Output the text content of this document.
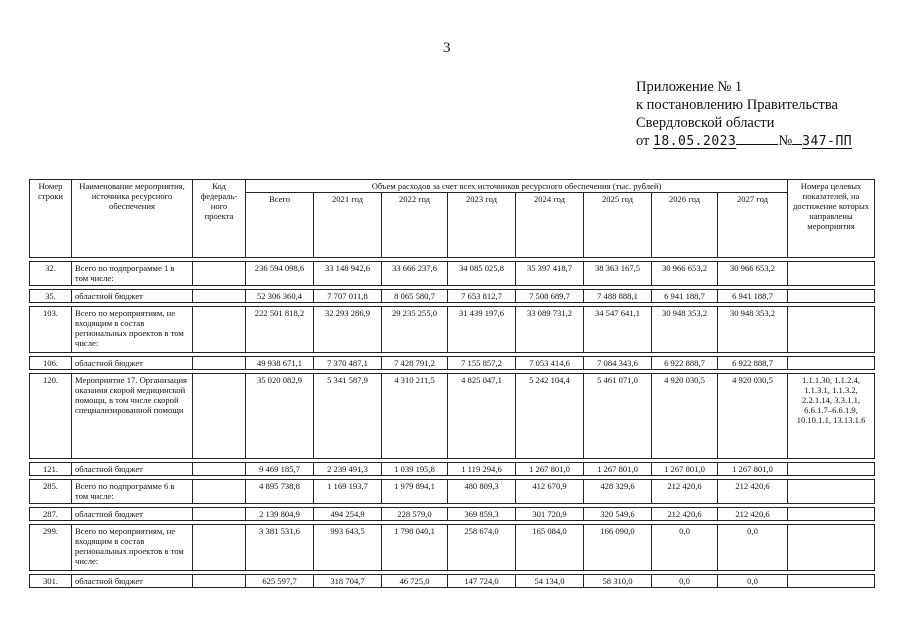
3
Приложение № 1
к постановлению Правительства
Свердловской области
от 18.05.2023	№ 347-ПП
Номер строки	Наименование мероприятия, источника ресурсного обеспечения	Код федераль-ного проекта	Объем расходов за счет всех источников ресурсного обеспечения (тыс. рублей)								Номера целевых показателей, на достижение которых направлены мероприятия
			Всего	2021 год	2022 год	2023 год	2024 год	2025 год	2026 год	2027 год	

32.	Всего по подпрограмме 1 в том числе:		236 594 098,6	33 148 942,6	33 666 237,6	34 085 025,8	35 397 418,7	38 363 167,5	30 966 653,2	30 966 653,2	

35.	областной бюджет		52 306 360,4	7 707 011,8	8 065 580,7	7 653 812,7	7 508 689,7	7 488 888,1	6 941 188,7	6 941 188,7	

103.	Всего по мероприятиям, не входящим в состав региональных проектов в том числе:		222 501 818,2	32 293 286,9	29 235 255,0	31 439 197,6	33 089 731,2	34 547 641,1	30 948 353,2	30 948 353,2	

106.	областной бюджет		49 938 671,1	7 370 487,1	7 428 791,2	7 155 857,2	7 053 414,6	7 084 343,6	6 922 888,7	6 922 888,7	

120.	Мероприятие 17. Организация оказания скорой медицинской помощи, в том числе скорой специализированной помощи		35 020 082,9	5 341 587,9	4 310 211,5	4 825 047,1	5 242 104,4	5 461 071,0	4 920 030,5	4 920 030,5	1.1.1.30, 1.1.2.4, 1.1.3.1, 1.1.3.2, 2.2.1.14, 3.3.1.1, 6.6.1.7–6.6.1.9, 10.10.1.1, 13.13.1.6

121.	областной бюджет		9 469 185,7	2 239 491,3	1 039 195,8	1 119 294,6	1 267 801,0	1 267 801,0	1 267 801,0	1 267 801,0	

285.	Всего по подпрограмме 6 в том числе:		4 895 738,8	1 169 193,7	1 979 894,1	480 809,3	412 670,9	428 329,6	212 420,6	212 420,6	

287.	областной бюджет		2 139 804,9	494 254,9	228 579,0	369 859,3	301 720,9	320 549,6	212 420,6	212 420,6	

299.	Всего по мероприятиям, не входящим в состав региональных проектов в том числе:		3 381 531,6	993 643,5	1 798 040,1	258 674,0	165 084,0	166 090,0	0,0	0,0	

301.	областной бюджет		625 597,7	318 704,7	46 725,0	147 724,0	54 134,0	58 310,0	0,0	0,0	
